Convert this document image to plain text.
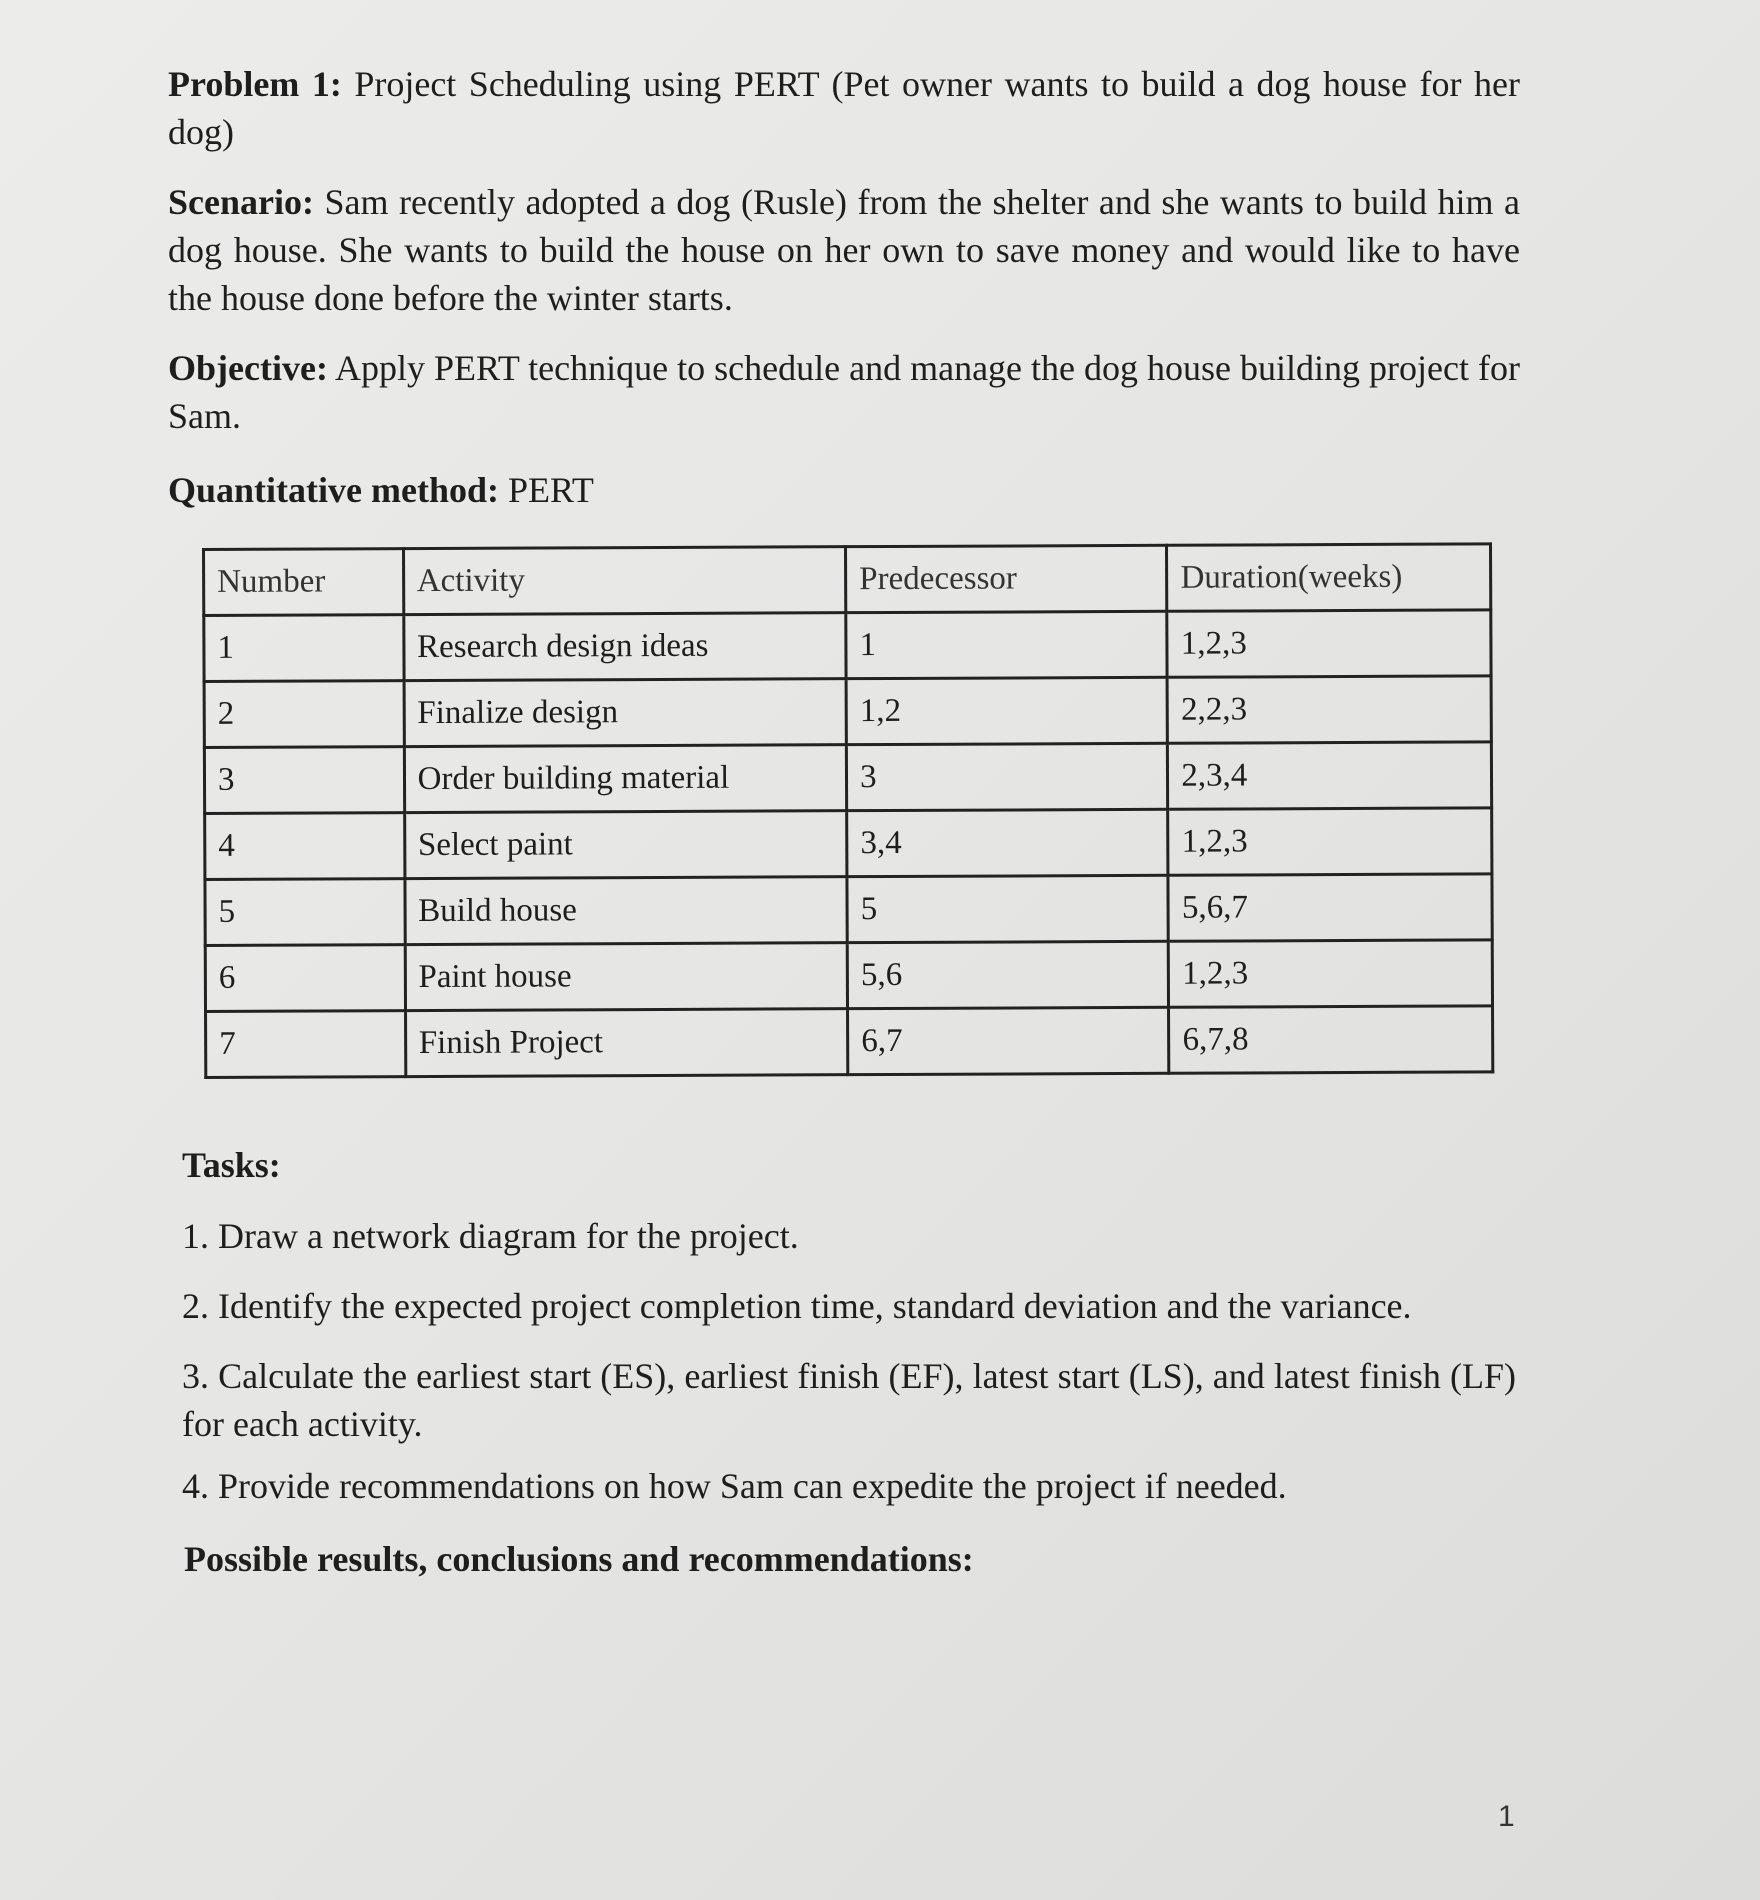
Problem 1: Project Scheduling using PERT (Pet owner wants to build a dog house for her dog)

Scenario: Sam recently adopted a dog (Rusle) from the shelter and she wants to build him a dog house. She wants to build the house on her own to save money and would like to have the house done before the winter starts.

Objective: Apply PERT technique to schedule and manage the dog house building project for Sam.

Quantitative method: PERT

Number	Activity	Predecessor	Duration(weeks)
1	Research design ideas	1	1,2,3
2	Finalize design	1,2	2,2,3
3	Order building material	3	2,3,4
4	Select paint	3,4	1,2,3
5	Build house	5	5,6,7
6	Paint house	5,6	1,2,3
7	Finish Project	6,7	6,7,8

Tasks:

1. Draw a network diagram for the project.

2. Identify the expected project completion time, standard deviation and the variance.

3. Calculate the earliest start (ES), earliest finish (EF), latest start (LS), and latest finish (LF) for each activity.

4. Provide recommendations on how Sam can expedite the project if needed.

Possible results, conclusions and recommendations:

1
